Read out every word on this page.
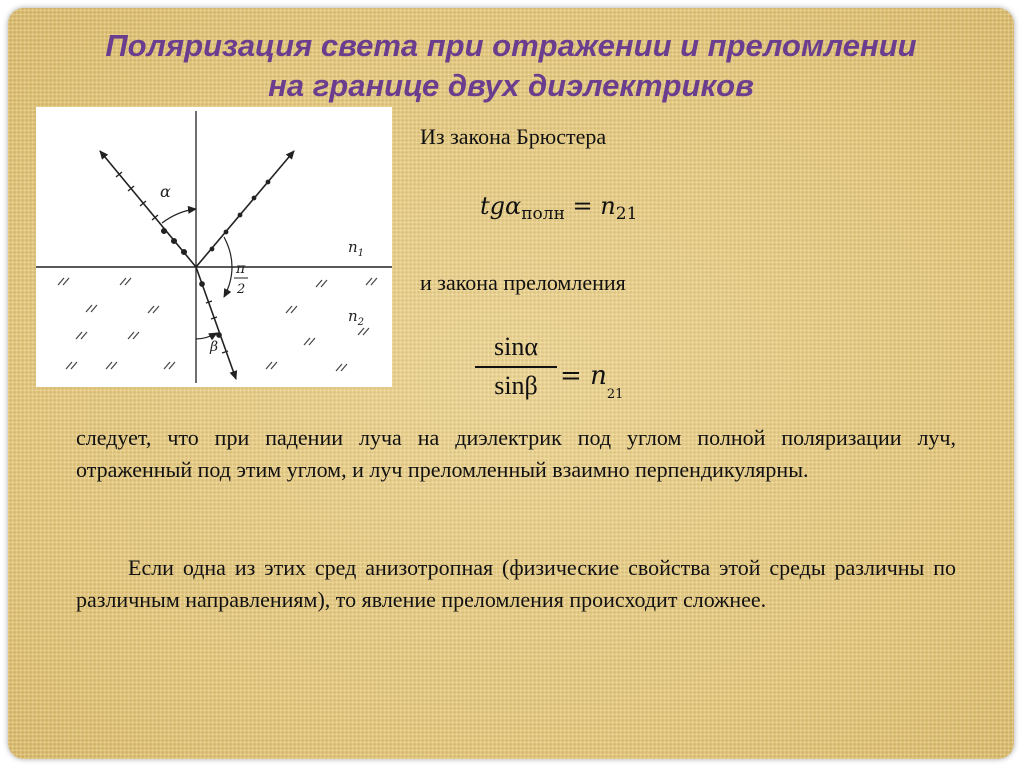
Поляризация света при отражении и преломлении
на границе двух диэлектриков
α
π
2
β
$n_1$
$n_2$
Из закона Брюстера
$tg\alpha_{полн} = n_{21}$
и закона преломления
sinα
$\sin\beta = n_{21}$

следует, что при падении луча на диэлектрик под углом полной поляризации луч, отраженный под этим углом, и луч преломленный взаимно перпендикулярны.

Если одна из этих сред анизотропная (физические свойства этой среды различны по различным направлениям), то явление преломления происходит сложнее.
